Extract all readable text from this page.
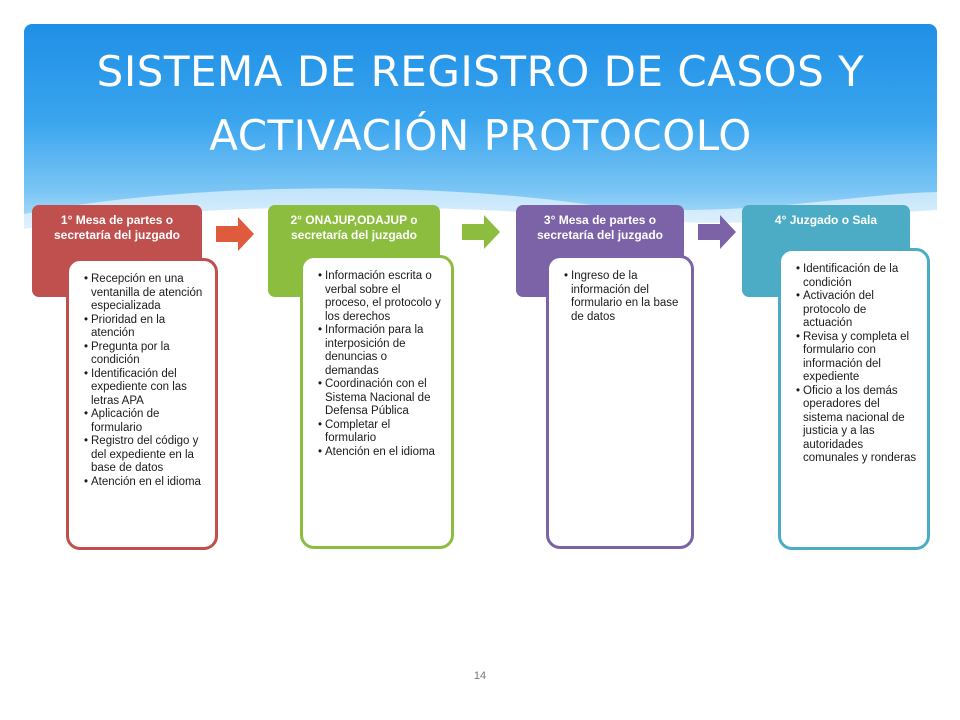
SISTEMA DE REGISTRO DE CASOS Y
ACTIVACIÓN PROTOCOLO
1° Mesa de partes o
secretaría del juzgado
• Recepción en una ventanilla de atención especializada
• Prioridad en la atención
• Pregunta por la condición
• Identificación del expediente con las letras APA
• Aplicación de formulario
• Registro del código y del expediente en la base de datos
• Atención en el idioma
2° ONAJUP,ODAJUP o
secretaría del juzgado
• Información escrita o verbal sobre el proceso, el protocolo y los derechos
• Información para la interposición de denuncias o demandas
• Coordinación con el Sistema Nacional de Defensa Pública
• Completar el formulario
• Atención en el idioma
3° Mesa de partes o
secretaría del juzgado
• Ingreso de la información del formulario en la base de datos
4° Juzgado o Sala
• Identificación de la condición
• Activación del protocolo de actuación
• Revisa y completa el formulario con información del expediente
• Oficio a los demás operadores del sistema nacional de justicia y a las autoridades comunales y ronderas
14
